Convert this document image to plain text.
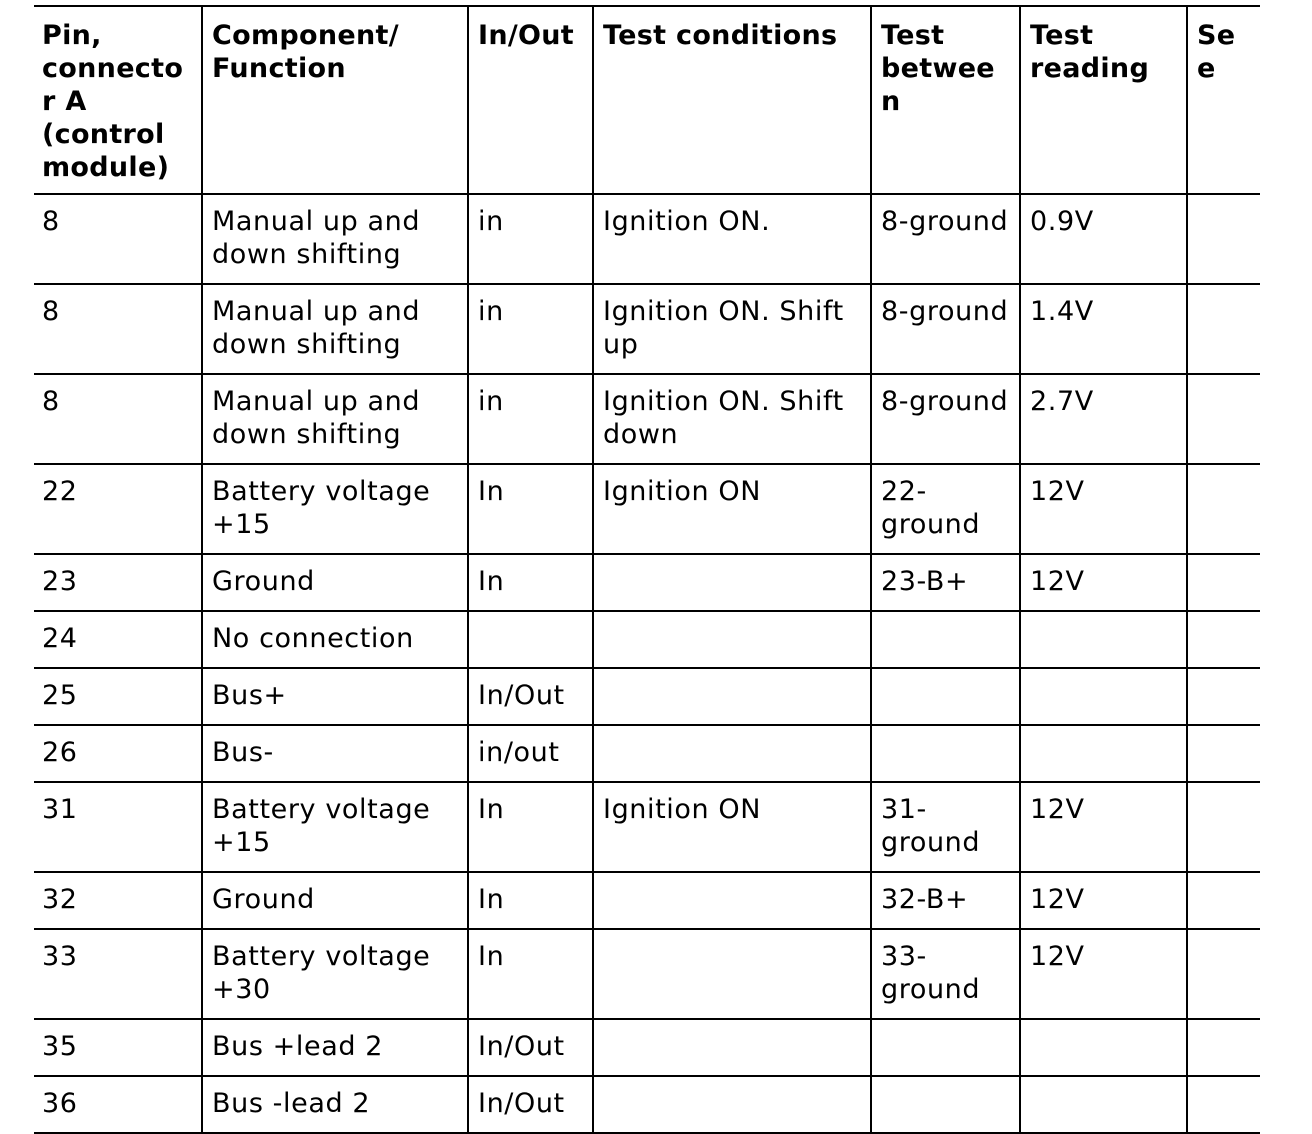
Pin, connector A (control module)	Component/ Function	In/Out	Test conditions	Test between	Test reading	See
8	Manual up and down shifting	in	Ignition ON.	8-ground	0.9V	
8	Manual up and down shifting	in	Ignition ON. Shift up	8-ground	1.4V	
8	Manual up and down shifting	in	Ignition ON. Shift down	8-ground	2.7V	
22	Battery voltage +15	In	Ignition ON	22-ground	12V	
23	Ground	In		23-B+	12V	
24	No connection					
25	Bus+	In/Out				
26	Bus-	in/out				
31	Battery voltage +15	In	Ignition ON	31-ground	12V	
32	Ground	In		32-B+	12V	
33	Battery voltage +30	In		33-ground	12V	
35	Bus +lead 2	In/Out				
36	Bus -lead 2	In/Out				
